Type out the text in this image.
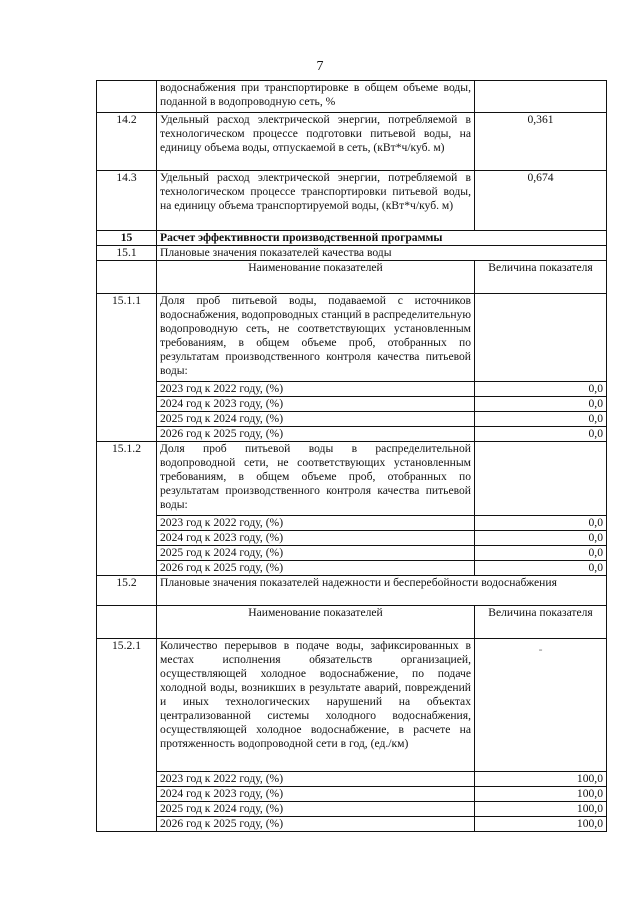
7
	водоснабжения при транспортировке в общем объеме воды, поданной в водопроводную сеть, %	
14.2	Удельный расход электрической энергии, потребляемой в технологическом процессе подготовки питьевой воды, на единицу объема воды, отпускаемой в сеть, (кВт*ч/куб. м)	0,361
14.3	Удельный расход электрической энергии, потребляемой в технологическом процессе транспортировки питьевой воды, на единицу объема транспортируемой воды, (кВт*ч/куб. м)	0,674
15	Расчет эффективности производственной программы	
15.1	Плановые значения показателей качества воды	
	Наименование показателей	Величина показателя
15.1.1	Доля проб питьевой воды, подаваемой с источников водоснабжения, водопроводных станций в распределительную водопроводную сеть, не соответствующих установленным требованиям, в общем объеме проб, отобранных по результатам производственного контроля качества питьевой воды:	
	2023 год к 2022 году, (%)	0,0
	2024 год к 2023 году, (%)	0,0
	2025 год к 2024 году, (%)	0,0
	2026 год к 2025 году, (%)	0,0
15.1.2	Доля проб питьевой воды в распределительной водопроводной сети, не соответствующих установленным требованиям, в общем объеме проб, отобранных по результатам производственного контроля качества питьевой воды:	
	2023 год к 2022 году, (%)	0,0
	2024 год к 2023 году, (%)	0,0
	2025 год к 2024 году, (%)	0,0
	2026 год к 2025 году, (%)	0,0
15.2	Плановые значения показателей надежности и бесперебойности водоснабжения	
	Наименование показателей	Величина показателя
15.2.1	Количество перерывов в подаче воды, зафиксированных в местах исполнения обязательств организацией, осуществляющей холодное водоснабжение, по подаче холодной воды, возникших в результате аварий, повреждений и иных технологических нарушений на объектах централизованной системы холодного водоснабжения, осуществляющей холодное водоснабжение, в расчете на протяженность водопроводной сети в год, (ед./км)	-
	2023 год к 2022 году, (%)	100,0
	2024 год к 2023 году, (%)	100,0
	2025 год к 2024 году, (%)	100,0
	2026 год к 2025 году, (%)	100,0
